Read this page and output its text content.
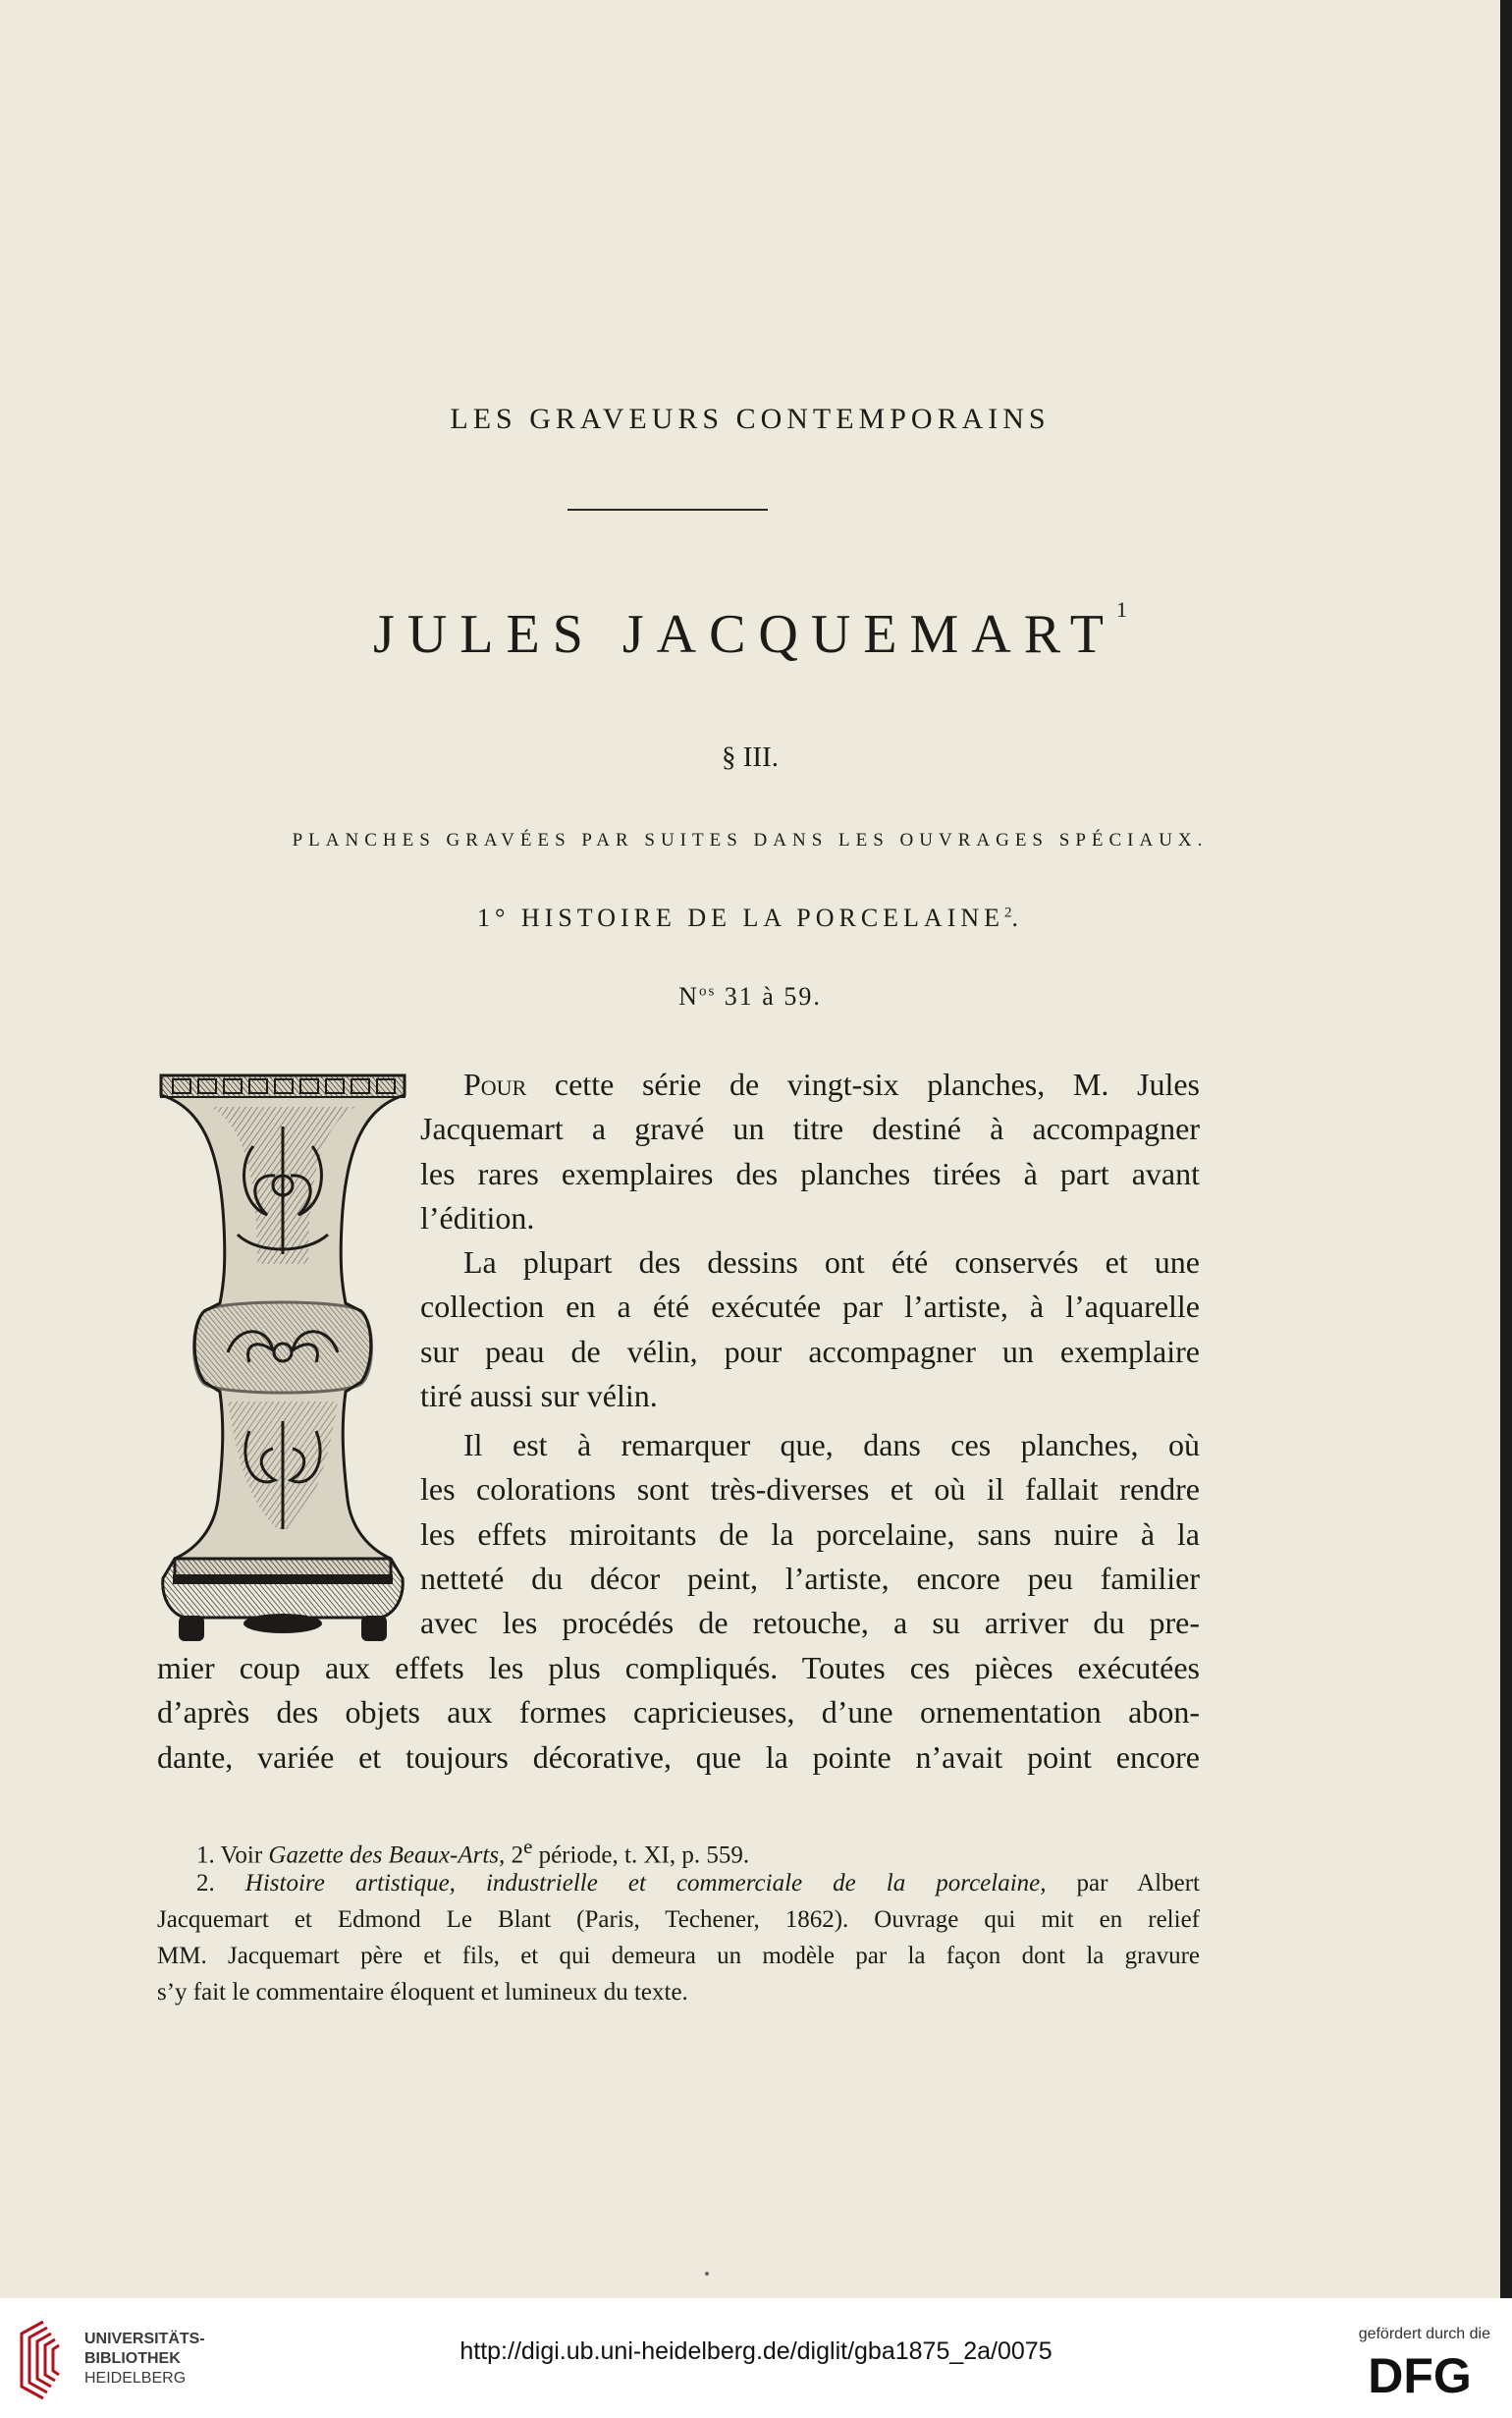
LES GRAVEURS CONTEMPORAINS
JULES JACQUEMART$^1$
§ III.
PLANCHES GRAVÉES PAR SUITES DANS LES OUVRAGES SPÉCIAUX.
1° HISTOIRE DE LA PORCELAINE$^2$.
$N^{os}$ 31 à 59.
Pour cette série de vingt-six planches, M. Jules
Jacquemart a gravé un titre destiné à accompagner
les rares exemplaires des planches tirées à part avant
l’édition.
La plupart des dessins ont été conservés et une
collection en a été exécutée par l’artiste, à l’aquarelle
sur peau de vélin, pour accompagner un exemplaire
tiré aussi sur vélin.
Il est à remarquer que, dans ces planches, où
les colorations sont très-diverses et où il fallait rendre
les effets miroitants de la porcelaine, sans nuire à la
netteté du décor peint, l’artiste, encore peu familier
avec les procédés de retouche, a su arriver du pre-
mier coup aux effets les plus compliqués. Toutes ces pièces exécutées
d’après des objets aux formes capricieuses, d’une ornementation abon-
dante, variée et toujours décorative, que la pointe n’avait point encore
1. Voir Gazette des Beaux-Arts, 2e période, t. XI, p. 559.
2. Histoire artistique, industrielle et commerciale de la porcelaine, par Albert
Jacquemart et Edmond Le Blant (Paris, Techener, 1862). Ouvrage qui mit en relief
MM. Jacquemart père et fils, et qui demeura un modèle par la façon dont la gravure
s’y fait le commentaire éloquent et lumineux du texte.
UNIVERSITÄTS-
BIBLIOTHEK
HEIDELBERG
http://digi.ub.uni-heidelberg.de/diglit/gba1875_2a/0075
gefördert durch die
DFG
